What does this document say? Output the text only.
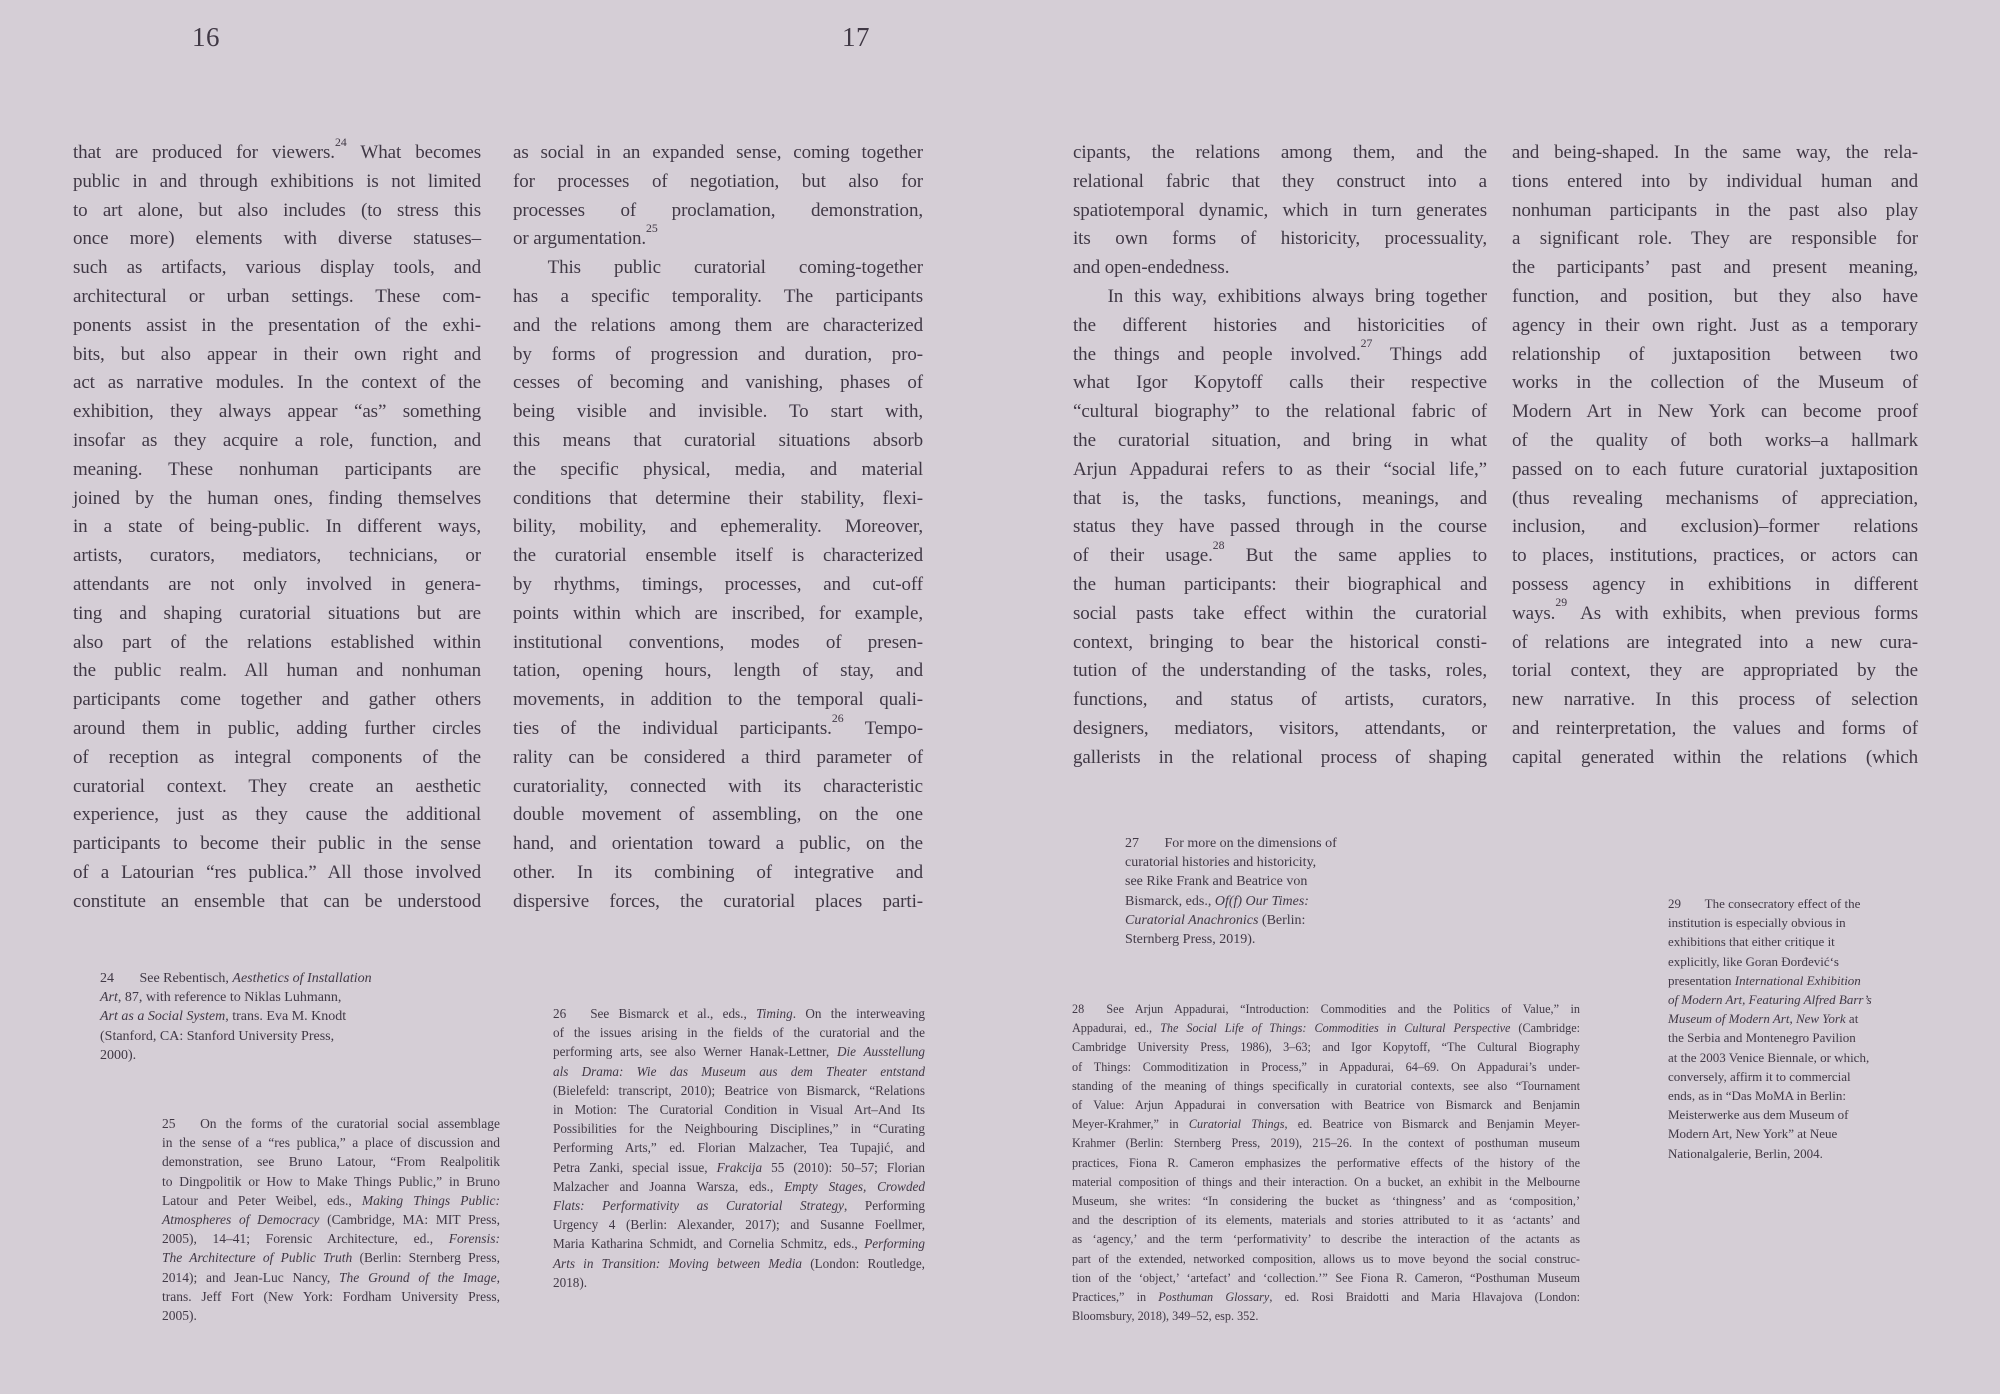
16	17
that are produced for viewers.$^{24}$ What becomes
public in and through exhibitions is not limited
to art alone, but also includes (to stress this
once more) elements with diverse statuses–
such as artifacts, various display tools, and
architectural or urban settings. These com-
ponents assist in the presentation of the exhi-
bits, but also appear in their own right and
act as narrative modules. In the context of the
exhibition, they always appear “as” something
insofar as they acquire a role, function, and
meaning. These nonhuman participants are
joined by the human ones, finding themselves
in a state of being-public. In different ways,
artists, curators, mediators, technicians, or
attendants are not only involved in genera-
ting and shaping curatorial situations but are
also part of the relations established within
the public realm. All human and nonhuman
participants come together and gather others
around them in public, adding further circles
of reception as integral components of the
curatorial context. They create an aesthetic
experience, just as they cause the additional
participants to become their public in the sense
of a Latourian “res publica.” All those involved
constitute an ensemble that can be understood
as social in an expanded sense, coming together
for processes of negotiation, but also for
processes of proclamation, demonstration,
or argumentation.$^{25}$
This public curatorial coming-together
has a specific temporality. The participants
and the relations among them are characterized
by forms of progression and duration, pro-
cesses of becoming and vanishing, phases of
being visible and invisible. To start with,
this means that curatorial situations absorb
the specific physical, media, and material
conditions that determine their stability, flexi-
bility, mobility, and ephemerality. Moreover,
the curatorial ensemble itself is characterized
by rhythms, timings, processes, and cut-off
points within which are inscribed, for example,
institutional conventions, modes of presen-
tation, opening hours, length of stay, and
movements, in addition to the temporal quali-
ties of the individual participants.$^{26}$ Tempo-
rality can be considered a third parameter of
curatoriality, connected with its characteristic
double movement of assembling, on the one
hand, and orientation toward a public, on the
other. In its combining of integrative and
dispersive forces, the curatorial places parti-
cipants, the relations among them, and the
relational fabric that they construct into a
spatiotemporal dynamic, which in turn generates
its own forms of historicity, processuality,
and open-endedness.
In this way, exhibitions always bring together
the different histories and historicities of
the things and people involved.$^{27}$ Things add
what Igor Kopytoff calls their respective
“cultural biography” to the relational fabric of
the curatorial situation, and bring in what
Arjun Appadurai refers to as their “social life,”
that is, the tasks, functions, meanings, and
status they have passed through in the course
of their usage.$^{28}$ But the same applies to
the human participants: their biographical and
social pasts take effect within the curatorial
context, bringing to bear the historical consti-
tution of the understanding of the tasks, roles,
functions, and status of artists, curators,
designers, mediators, visitors, attendants, or
gallerists in the relational process of shaping
and being-shaped. In the same way, the rela-
tions entered into by individual human and
nonhuman participants in the past also play
a significant role. They are responsible for
the participants’ past and present meaning,
function, and position, but they also have
agency in their own right. Just as a temporary
relationship of juxtaposition between two
works in the collection of the Museum of
Modern Art in New York can become proof
of the quality of both works–a hallmark
passed on to each future curatorial juxtaposition
(thus revealing mechanisms of appreciation,
inclusion, and exclusion)–former relations
to places, institutions, practices, or actors can
possess agency in exhibitions in different
ways.$^{29}$ As with exhibits, when previous forms
of relations are integrated into a new cura-
torial context, they are appropriated by the
new narrative. In this process of selection
and reinterpretation, the values and forms of
capital generated within the relations (which
24 See Rebentisch, Aesthetics of Installation
Art, 87, with reference to Niklas Luhmann,
Art as a Social System, trans. Eva M. Knodt
(Stanford, CA: Stanford University Press,
2000).
25 On the forms of the curatorial social assemblage
in the sense of a “res publica,” a place of discussion and
demonstration, see Bruno Latour, “From Realpolitik
to Dingpolitik or How to Make Things Public,” in Bruno
Latour and Peter Weibel, eds., Making Things Public:
Atmospheres of Democracy (Cambridge, MA: MIT Press,
2005), 14–41; Forensic Architecture, ed., Forensis:
The Architecture of Public Truth (Berlin: Sternberg Press,
2014); and Jean-Luc Nancy, The Ground of the Image,
trans. Jeff Fort (New York: Fordham University Press,
2005).
26 See Bismarck et al., eds., Timing. On the interweaving
of the issues arising in the fields of the curatorial and the
performing arts, see also Werner Hanak-Lettner, Die Ausstellung
als Drama: Wie das Museum aus dem Theater entstand
(Bielefeld: transcript, 2010); Beatrice von Bismarck, “Relations
in Motion: The Curatorial Condition in Visual Art–And Its
Possibilities for the Neighbouring Disciplines,” in “Curating
Performing Arts,” ed. Florian Malzacher, Tea Tupajić, and
Petra Zanki, special issue, Frakcija 55 (2010): 50–57; Florian
Malzacher and Joanna Warsza, eds., Empty Stages, Crowded
Flats: Performativity as Curatorial Strategy, Performing
Urgency 4 (Berlin: Alexander, 2017); and Susanne Foellmer,
Maria Katharina Schmidt, and Cornelia Schmitz, eds., Performing
Arts in Transition: Moving between Media (London: Routledge,
2018).
27 For more on the dimensions of
curatorial histories and historicity,
see Rike Frank and Beatrice von
Bismarck, eds., Of(f) Our Times:
Curatorial Anachronics (Berlin:
Sternberg Press, 2019).
28 See Arjun Appadurai, “Introduction: Commodities and the Politics of Value,” in
Appadurai, ed., The Social Life of Things: Commodities in Cultural Perspective (Cambridge:
Cambridge University Press, 1986), 3–63; and Igor Kopytoff, “The Cultural Biography
of Things: Commoditization in Process,” in Appadurai, 64–69. On Appadurai’s under-
standing of the meaning of things specifically in curatorial contexts, see also “Tournament
of Value: Arjun Appadurai in conversation with Beatrice von Bismarck and Benjamin
Meyer-Krahmer,” in Curatorial Things, ed. Beatrice von Bismarck and Benjamin Meyer-
Krahmer (Berlin: Sternberg Press, 2019), 215–26. In the context of posthuman museum
practices, Fiona R. Cameron emphasizes the performative effects of the history of the
material composition of things and their interaction. On a bucket, an exhibit in the Melbourne
Museum, she writes: “In considering the bucket as ‘thingness’ and as ‘composition,’
and the description of its elements, materials and stories attributed to it as ‘actants’ and
as ‘agency,’ and the term ‘performativity’ to describe the interaction of the actants as
part of the extended, networked composition, allows us to move beyond the social construc-
tion of the ‘object,’ ‘artefact’ and ‘collection.’” See Fiona R. Cameron, “Posthuman Museum
Practices,” in Posthuman Glossary, ed. Rosi Braidotti and Maria Hlavajova (London:
Bloomsbury, 2018), 349–52, esp. 352.
29 The consecratory effect of the
institution is especially obvious in
exhibitions that either critique it
explicitly, like Goran Đorđević‘s
presentation International Exhibition
of Modern Art, Featuring Alfred Barr’s
Museum of Modern Art, New York at
the Serbia and Montenegro Pavilion
at the 2003 Venice Biennale, or which,
conversely, affirm it to commercial
ends, as in “Das MoMA in Berlin:
Meisterwerke aus dem Museum of
Modern Art, New York” at Neue
Nationalgalerie, Berlin, 2004.
